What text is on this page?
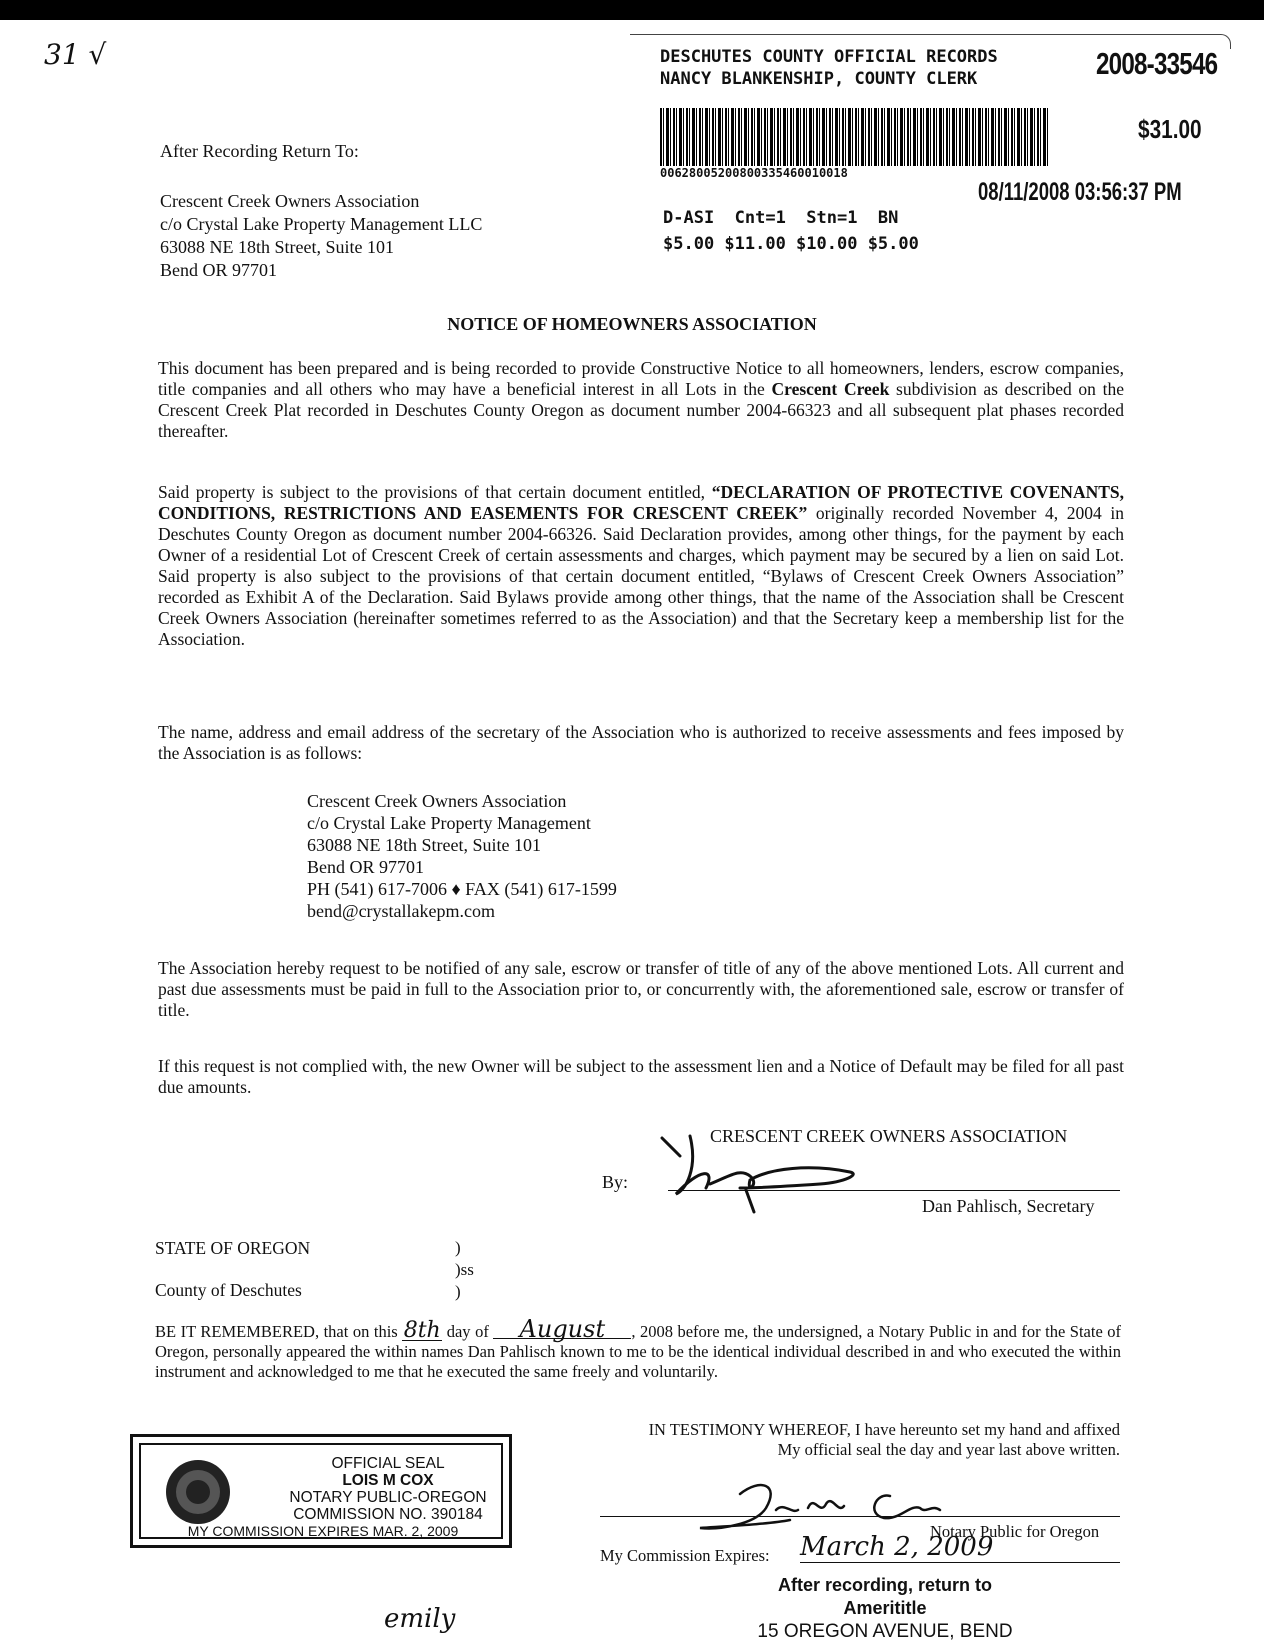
31 √	DESCHUTES COUNTY OFFICIAL RECORDS
NANCY BLANKENSHIP, COUNTY CLERK	2008-33546
$31.00
00628005200800335460010018
08/11/2008 03:56:37 PM
D-ASI  Cnt=1  Stn=1  BN
$5.00 $11.00 $10.00 $5.00
After Recording Return To:
Crescent Creek Owners Association
c/o Crystal Lake Property Management LLC
63088 NE 18th Street, Suite 101
Bend OR 97701
NOTICE OF HOMEOWNERS ASSOCIATION
This document has been prepared and is being recorded to provide Constructive Notice to all homeowners, lenders, escrow companies, title companies and all others who may have a beneficial interest in all Lots in the Crescent Creek subdivision as described on the Crescent Creek Plat recorded in Deschutes County Oregon as document number 2004-66323 and all subsequent plat phases recorded thereafter.
Said property is subject to the provisions of that certain document entitled, “DECLARATION OF PROTECTIVE COVENANTS, CONDITIONS, RESTRICTIONS AND EASEMENTS FOR CRESCENT CREEK” originally recorded November 4, 2004 in Deschutes County Oregon as document number 2004-66326. Said Declaration provides, among other things, for the payment by each Owner of a residential Lot of Crescent Creek of certain assessments and charges, which payment may be secured by a lien on said Lot. Said property is also subject to the provisions of that certain document entitled, “Bylaws of Crescent Creek Owners Association” recorded as Exhibit A of the Declaration. Said Bylaws provide among other things, that the name of the Association shall be Crescent Creek Owners Association (hereinafter sometimes referred to as the Association) and that the Secretary keep a membership list for the Association.
The name, address and email address of the secretary of the Association who is authorized to receive assessments and fees imposed by the Association is as follows:
Crescent Creek Owners Association
c/o Crystal Lake Property Management
63088 NE 18th Street, Suite 101
Bend OR 97701
PH (541) 617-7006 ♦ FAX (541) 617-1599
bend@crystallakepm.com
The Association hereby request to be notified of any sale, escrow or transfer of title of any of the above mentioned Lots. All current and past due assessments must be paid in full to the Association prior to, or concurrently with, the aforementioned sale, escrow or transfer of title.
If this request is not complied with, the new Owner will be subject to the assessment lien and a Notice of Default may be filed for all past due amounts.
CRESCENT CREEK OWNERS ASSOCIATION
By:
Dan Pahlisch, Secretary
STATE OF OREGON
County of Deschutes
)
)ss
)
BE IT REMEMBERED, that on this 8th day of August , 2008 before me, the undersigned, a Notary Public in and for the State of Oregon, personally appeared the within names Dan Pahlisch known to me to be the identical individual described in and who executed the within instrument and acknowledged to me that he executed the same freely and voluntarily.
IN TESTIMONY WHEREOF, I have hereunto set my hand and affixed
My official seal the day and year last above written.
Notary Public for Oregon
My Commission Expires: March 2, 2009
OFFICIAL SEAL
LOIS M COX
NOTARY PUBLIC-OREGON
COMMISSION NO. 390184
MY COMMISSION EXPIRES MAR. 2, 2009
After recording, return to
Amerititle
15 OREGON AVENUE, BEND
emily
